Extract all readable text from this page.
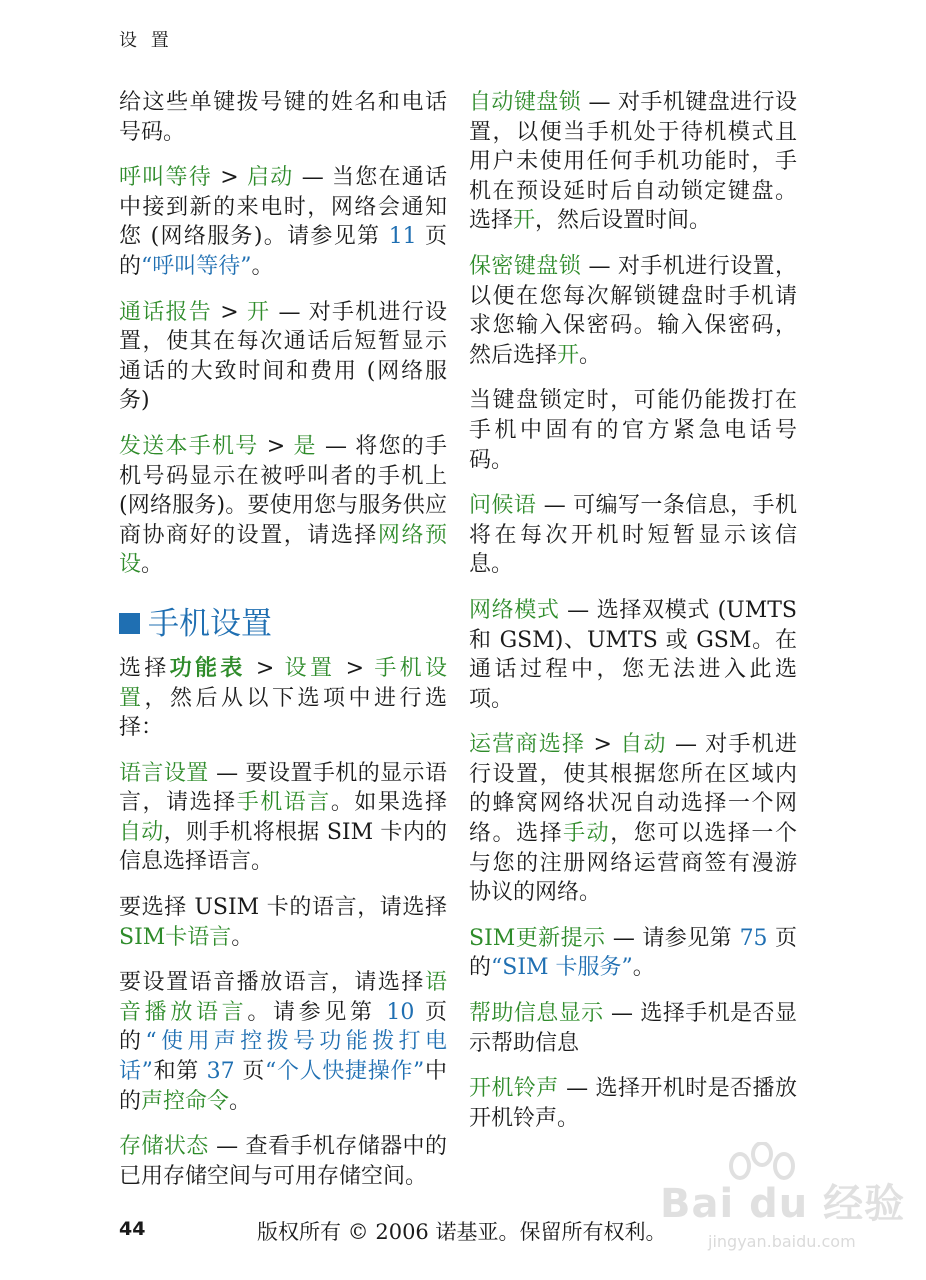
设 置

给这些单键拨号键的姓名和电话号码。

呼叫等待 > 启动 — 当您在通话中接到新的来电时，网络会通知您 (网络服务)。请参见第 11 页的“呼叫等待”。

通话报告 > 开 — 对手机进行设置，使其在每次通话后短暂显示通话的大致时间和费用 (网络服务)

发送本手机号 > 是 — 将您的手机号码显示在被呼叫者的手机上 (网络服务)。要使用您与服务供应商协商好的设置，请选择网络预设。

手机设置

选择功能表 > 设置 > 手机设置，然后从以下选项中进行选择：

语言设置 — 要设置手机的显示语言，请选择手机语言。如果选择自动，则手机将根据 SIM 卡内的信息选择语言。

要选择 USIM 卡的语言，请选择 SIM卡语言。

要设置语音播放语言，请选择语音播放语言。请参见第 10 页的“使用声控拨号功能拨打电话”和第 37 页“个人快捷操作”中的声控命令。

存储状态 — 查看手机存储器中的已用存储空间与可用存储空间。

自动键盘锁 — 对手机键盘进行设置，以便当手机处于待机模式且用户未使用任何手机功能时，手机在预设延时后自动锁定键盘。选择开，然后设置时间。

保密键盘锁 — 对手机进行设置，以便在您每次解锁键盘时手机请求您输入保密码。输入保密码，然后选择开。

当键盘锁定时，可能仍能拨打在手机中固有的官方紧急电话号码。

问候语 — 可编写一条信息，手机将在每次开机时短暂显示该信息。

网络模式 — 选择双模式 (UMTS 和 GSM)、UMTS 或 GSM。在通话过程中，您无法进入此选项。

运营商选择 > 自动 — 对手机进行设置，使其根据您所在区域内的蜂窝网络状况自动选择一个网络。选择手动，您可以选择一个与您的注册网络运营商签有漫游协议的网络。

SIM更新提示 — 请参见第 75 页的“SIM 卡服务”。

帮助信息显示 — 选择手机是否显示帮助信息

开机铃声 — 选择开机时是否播放开机铃声。

44	版权所有 © 2006 诺基亚。保留所有权利。
Bai du 经验
jingyan.baidu.com
